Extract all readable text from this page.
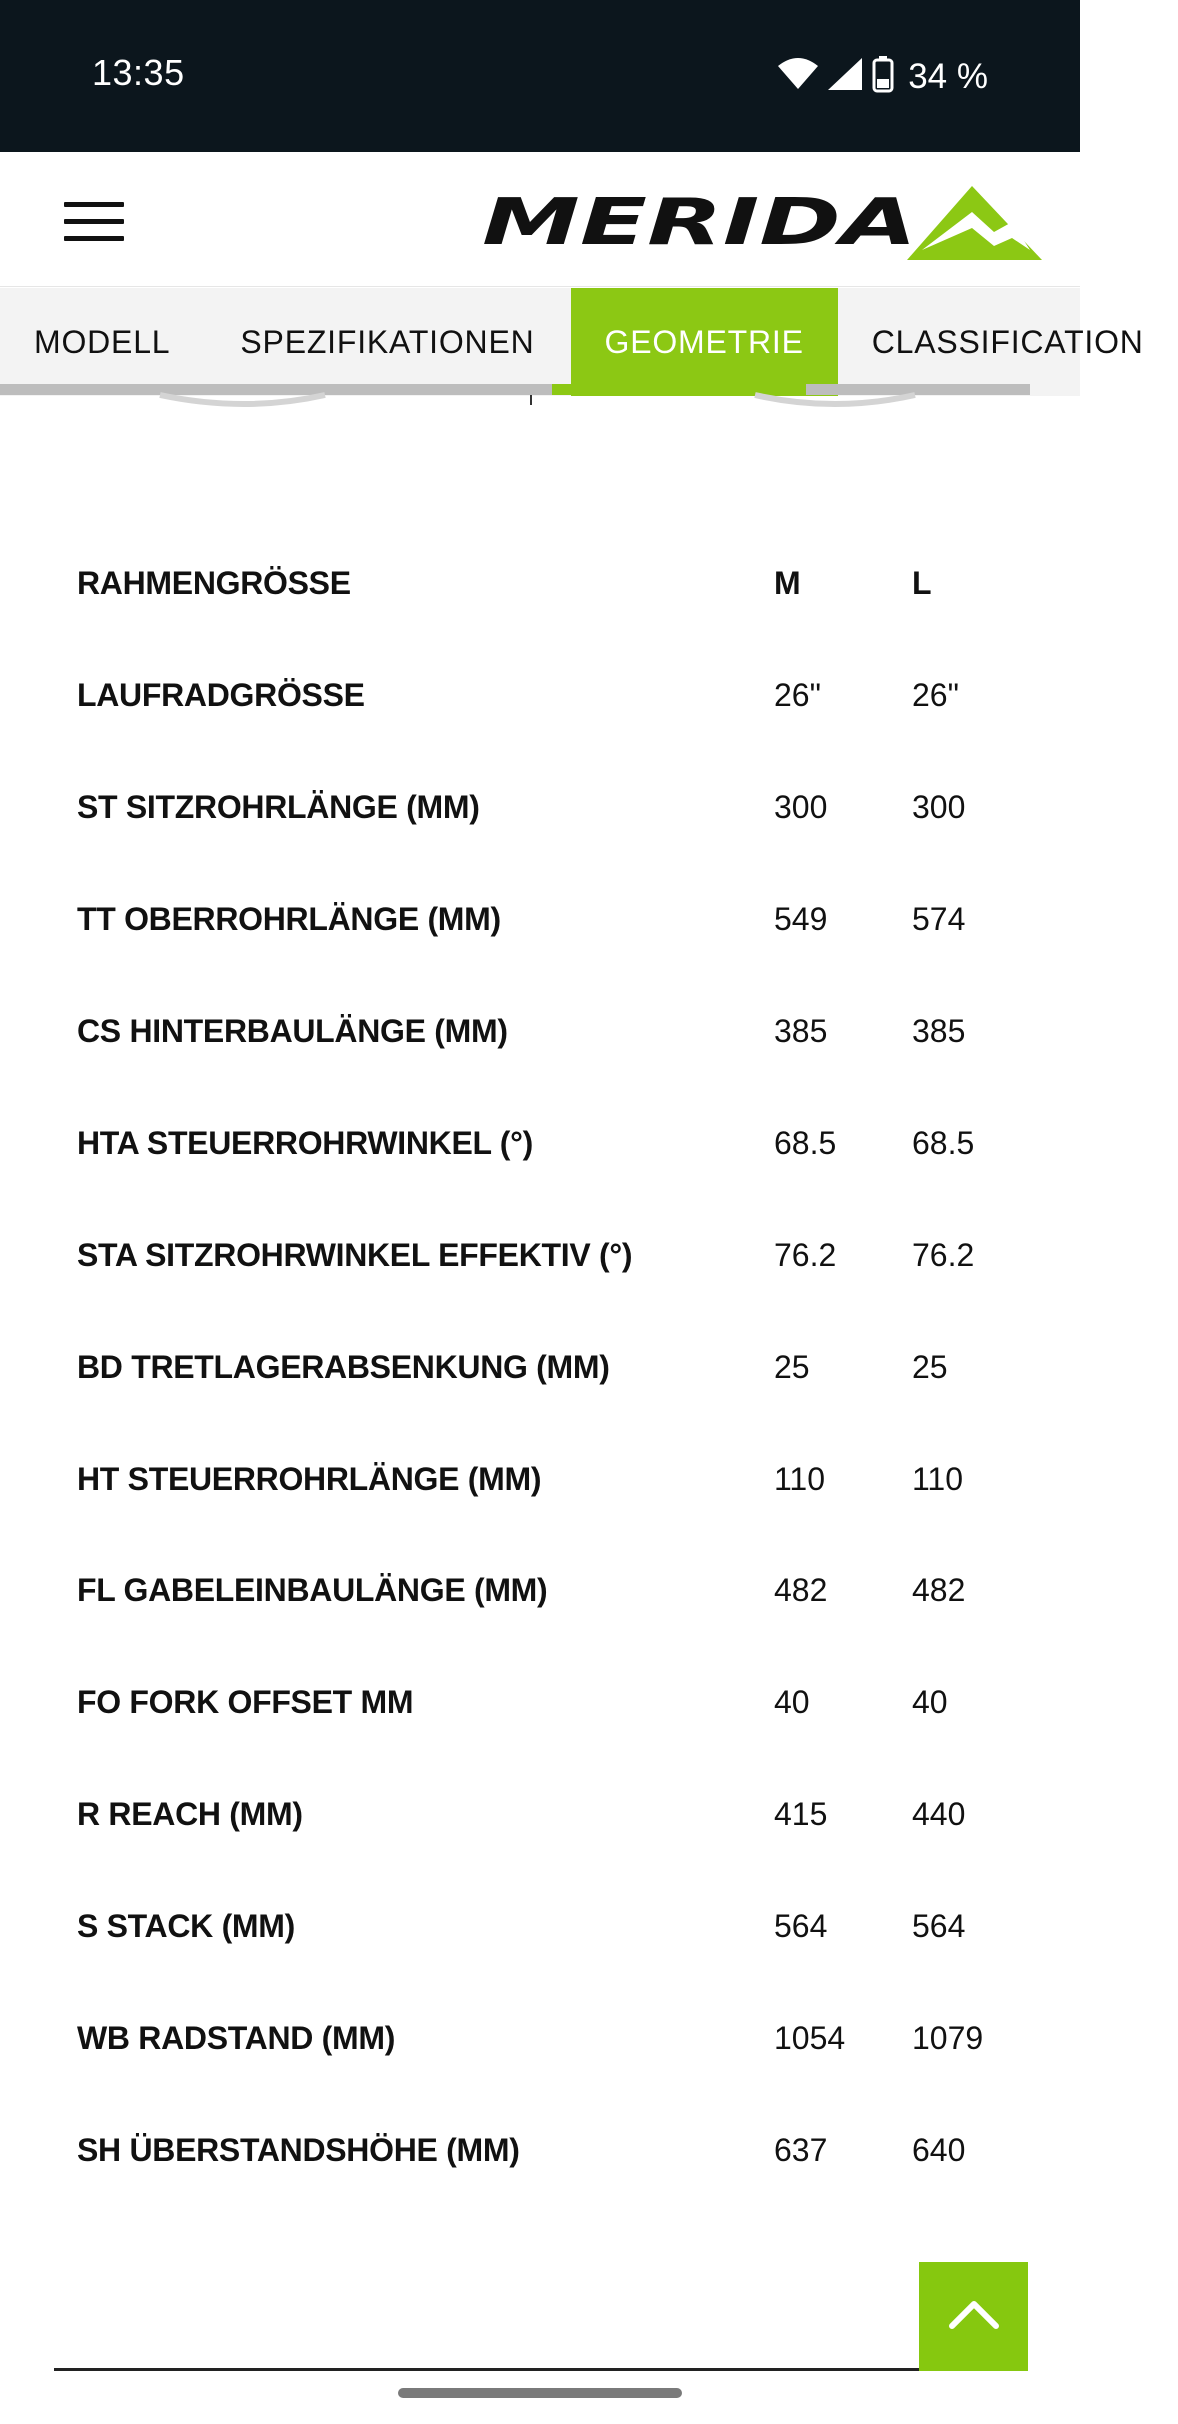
13:35	34 %
MERIDA
MODELL	SPEZIFIKATIONEN	GEOMETRIE	CLASSIFICATION
RAHMENGRÖSSE	M	L
LAUFRADGRÖSSE	26"	26"
ST SITZROHRLÄNGE (MM)	300	300
TT OBERROHRLÄNGE (MM)	549	574
CS HINTERBAULÄNGE (MM)	385	385
HTA STEUERROHRWINKEL (°)	68.5	68.5
STA SITZROHRWINKEL EFFEKTIV (°)	76.2	76.2
BD TRETLAGERABSENKUNG (MM)	25	25
HT STEUERROHRLÄNGE (MM)	110	110
FL GABELEINBAULÄNGE (MM)	482	482
FO FORK OFFSET MM	40	40
R REACH (MM)	415	440
S STACK (MM)	564	564
WB RADSTAND (MM)	1054	1079
SH ÜBERSTANDSHÖHE (MM)	637	640
